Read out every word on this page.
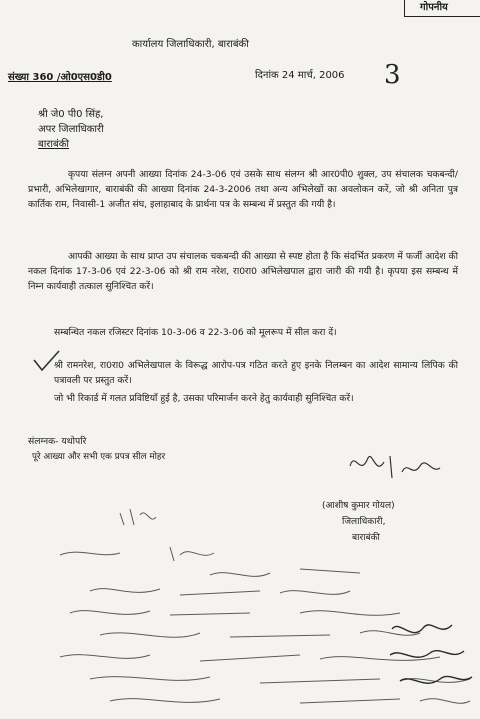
गोपनीय
कार्यालय जिलाधिकारी, बाराबंकी
संख्या 360 /ओ0एस0डी0	दिनांक 24 मार्च, 2006 3
श्री जे0 पी0 सिंह,
अपर जिलाधिकारी
बाराबंकी
कृपया संलग्न अपनी आख्या दिनांक 24-3-06 एवं उसके साथ संलग्न श्री आर0पी0 शुक्ल, उप संचालक चकबन्दी/प्रभारी, अभिलेखागार, बाराबंकी की आख्या दिनांक 24-3-2006 तथा अन्य अभिलेखों का अवलोकन करें, जो श्री अनिता पुत्र कार्तिक राम, निवासी-1 अजीत संघ, इलाहाबाद के प्रार्थना पत्र के सम्बन्ध में प्रस्तुत की गयी है।
आपकी आख्या के साथ प्राप्त उप संचालक चकबन्दी की आख्या से स्पष्ट होता है कि संदर्भित प्रकरण में फर्जी आदेश की नकल दिनांक 17-3-06 एवं 22-3-06 को श्री राम नरेश, रा0रा0 अभिलेखपाल द्वारा जारी की गयी है। कृपया इस सम्बन्ध में निम्न कार्यवाही तत्काल सुनिश्चित करें।
सम्बन्धित नकल रजिस्टर दिनांक 10-3-06 व 22-3-06 को मूलरूप में सील करा दें।
श्री रामनरेश, रा0रा0 अभिलेखपाल के विरूद्ध आरोप-पत्र गठित करते हुए इनके निलम्बन का आदेश सामान्य लिपिक की पत्रावली पर प्रस्तुत करें।
जो भी रिकार्ड में गलत प्रविष्टियाँ हुई है, उसका परिमार्जन करने हेतु कार्यवाही सुनिश्चित करें।
संलग्नक- यथोपरि
पूरे आख्या और सभी एक प्रपत्र सील मोहर
(आशीष कुमार गोयल)
जिलाधिकारी,
बाराबंकी
